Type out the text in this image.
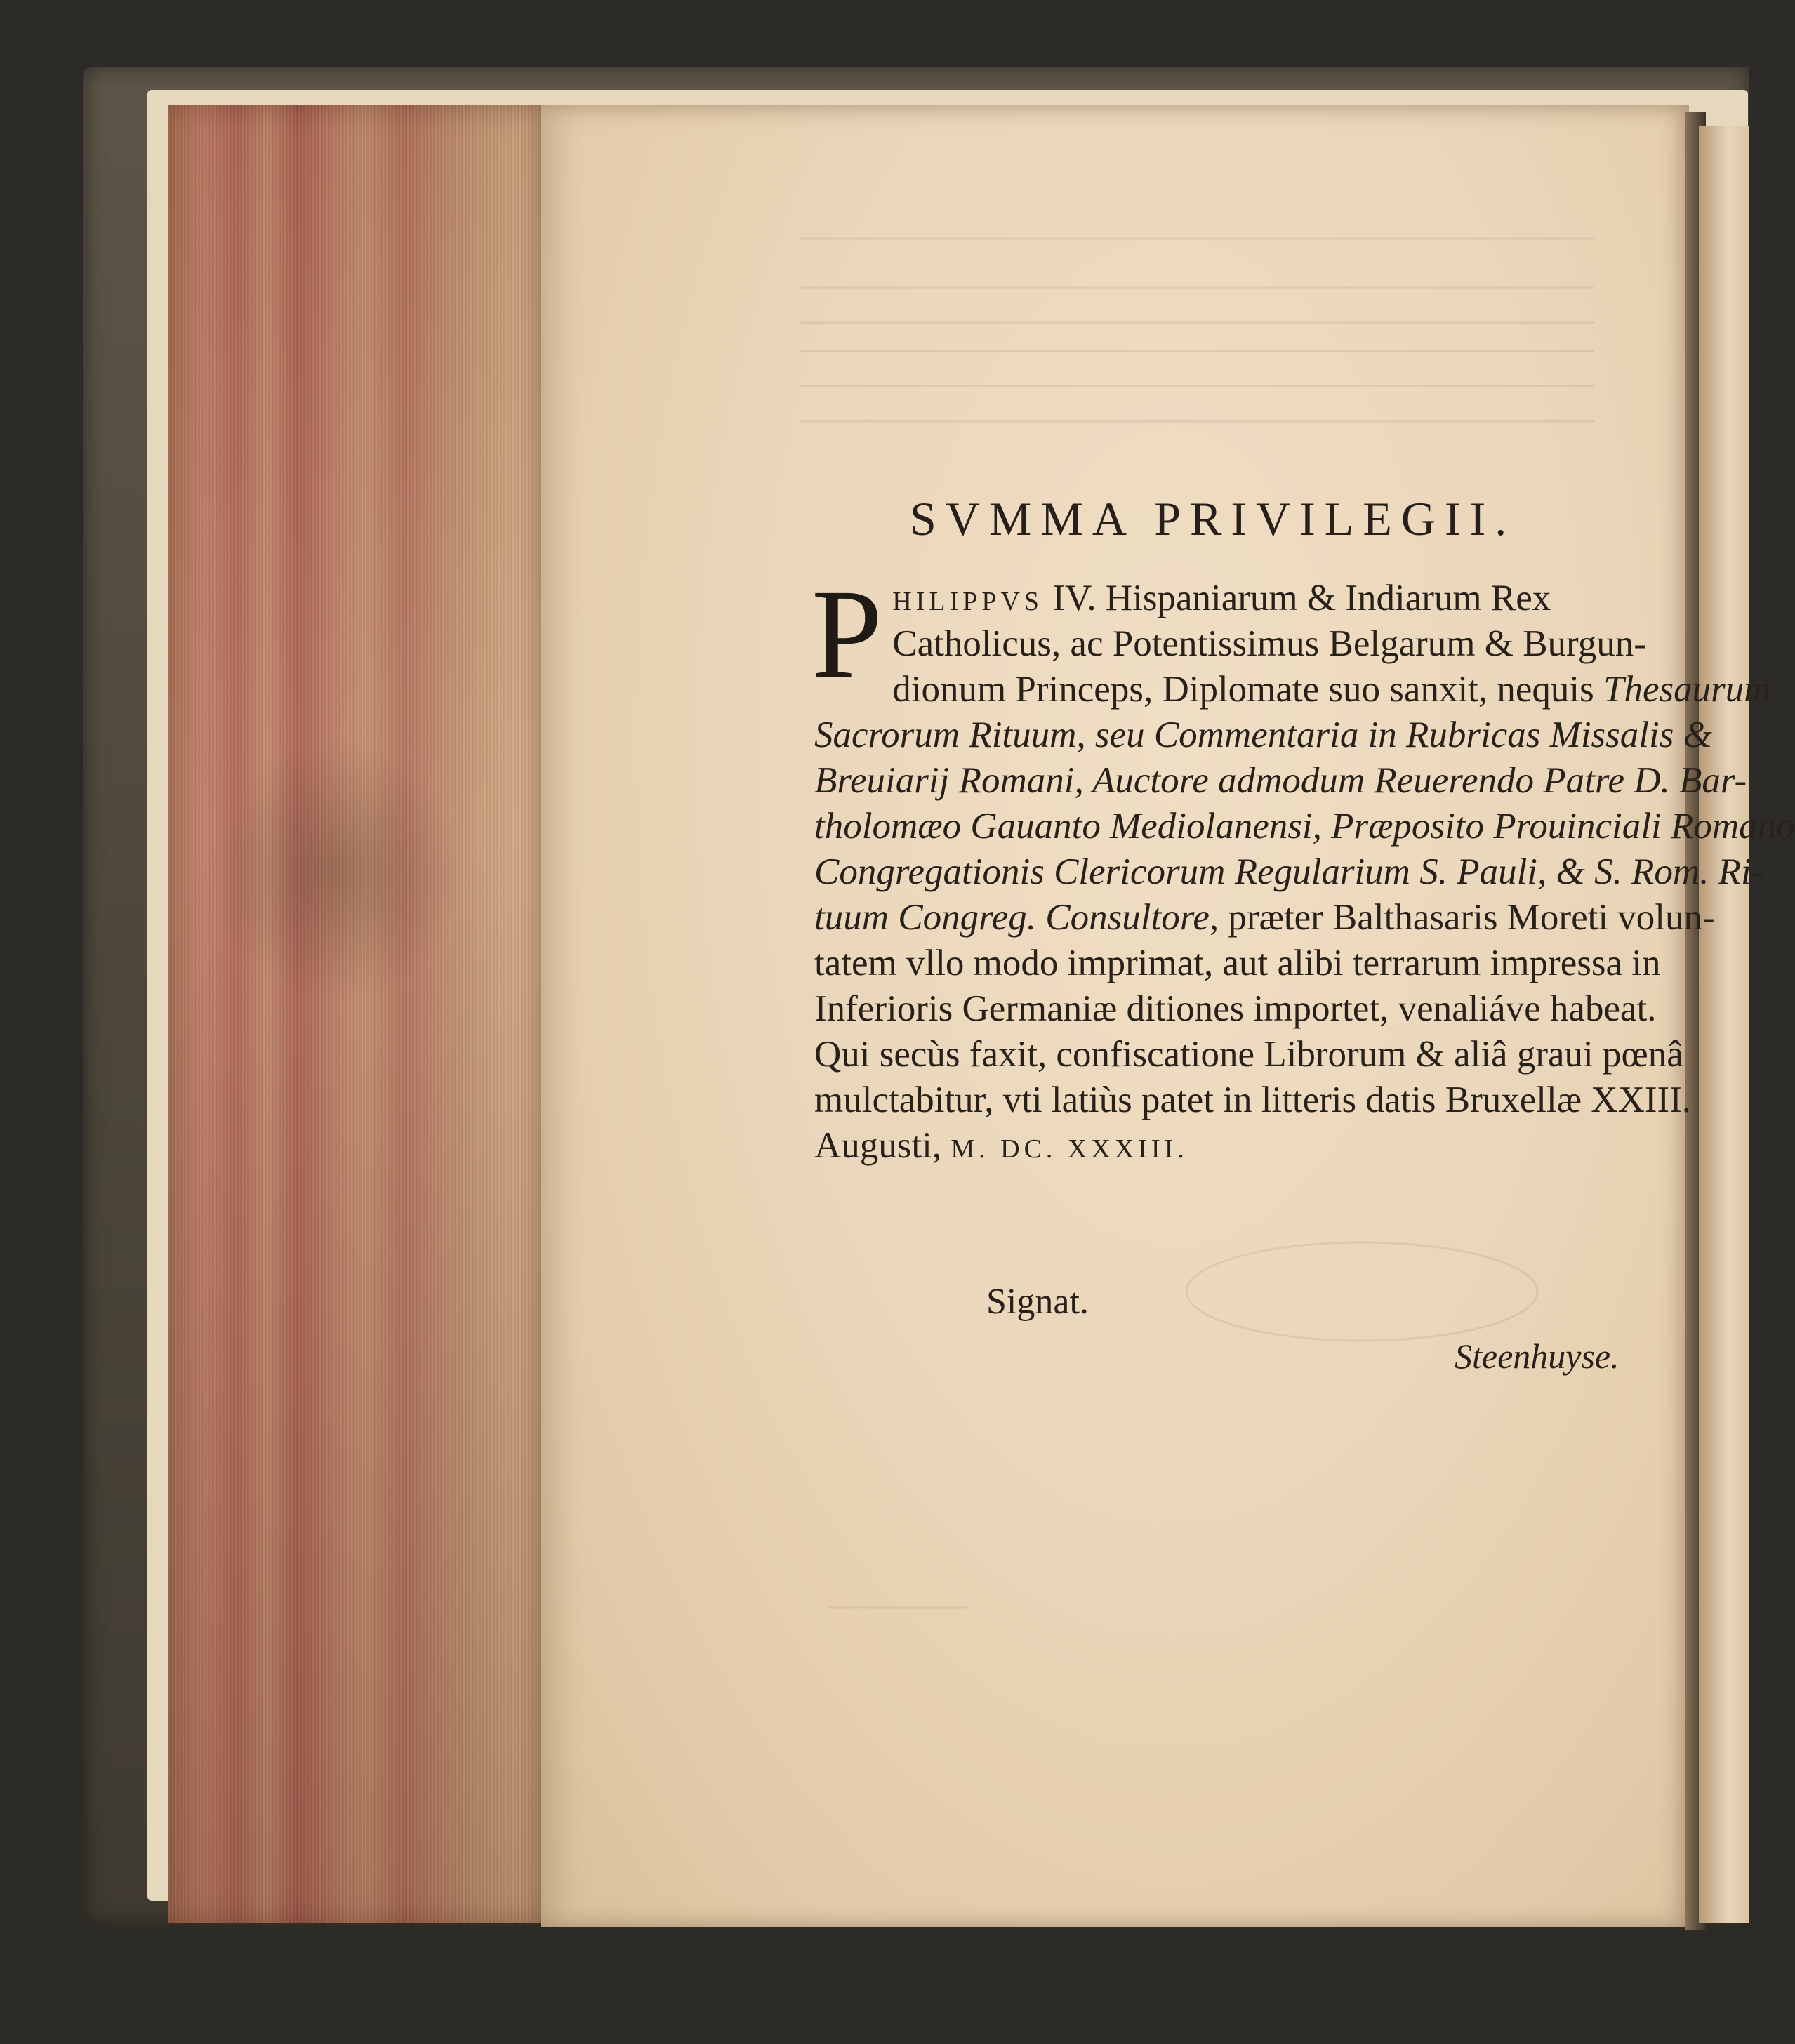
SVMMA PRIVILEGII.
P HILIPPVS IV. Hispaniarum & Indiarum Rex
Catholicus, ac Potentissimus Belgarum & Burgun-
dionum Princeps, Diplomate suo sanxit, nequis Thesaurum
Sacrorum Rituum, seu Commentaria in Rubricas Missalis &
Breuiarij Romani, Auctore admodum Reuerendo Patre D. Bar-
tholomæo Gauanto Mediolanensi, Præposito Prouinciali Romano
Congregationis Clericorum Regularium S. Pauli, & S. Rom. Ri-
tuum Congreg. Consultore, præter Balthasaris Moreti volun-
tatem vllo modo imprimat, aut alibi terrarum impressa in
Inferioris Germaniæ ditiones importet, venaliáve habeat.
Qui secùs faxit, confiscatione Librorum & aliâ graui pœnâ
mulctabitur, vti latiùs patet in litteris datis Bruxellæ XXIII.
Augusti, M. DC. XXXIII.
Signat.
Steenhuyse.
